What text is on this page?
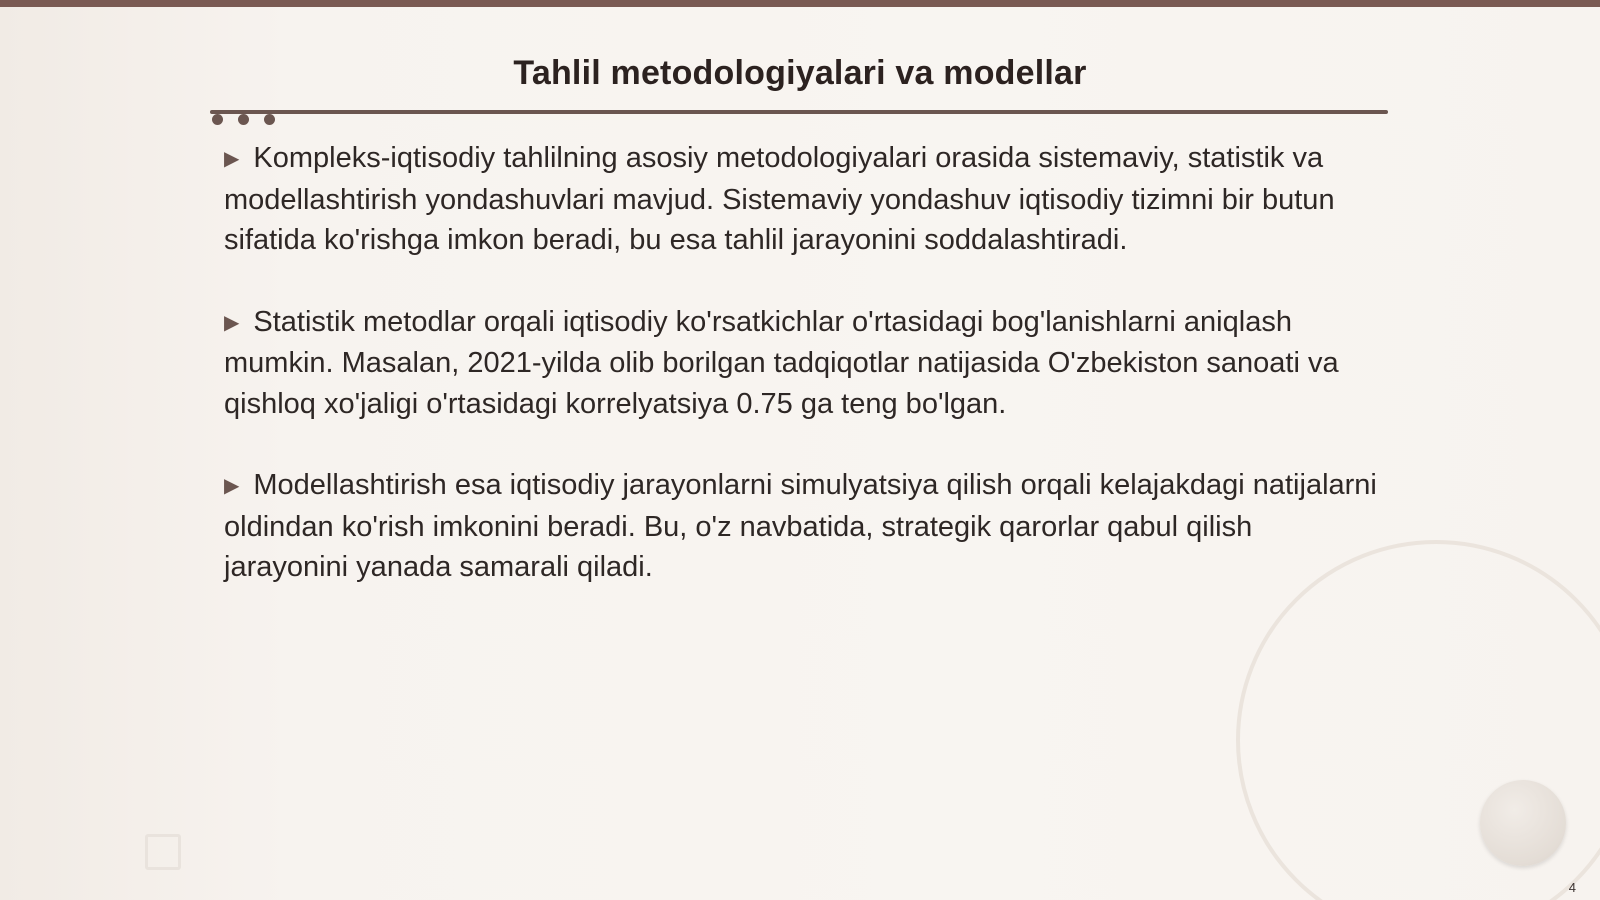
Tahlil metodologiyalari va modellar

▶ Kompleks-iqtisodiy tahlilning asosiy metodologiyalari orasida sistemaviy, statistik va modellashtirish yondashuvlari mavjud. Sistemaviy yondashuv iqtisodiy tizimni bir butun sifatida ko'rishga imkon beradi, bu esa tahlil jarayonini soddalashtiradi.

▶ Statistik metodlar orqali iqtisodiy ko'rsatkichlar o'rtasidagi bog'lanishlarni aniqlash mumkin. Masalan, 2021-yilda olib borilgan tadqiqotlar natijasida O'zbekiston sanoati va qishloq xo'jaligi o'rtasidagi korrelyatsiya 0.75 ga teng bo'lgan.

▶ Modellashtirish esa iqtisodiy jarayonlarni simulyatsiya qilish orqali kelajakdagi natijalarni oldindan ko'rish imkonini beradi. Bu, o'z navbatida, strategik qarorlar qabul qilish jarayonini yanada samarali qiladi.

4
